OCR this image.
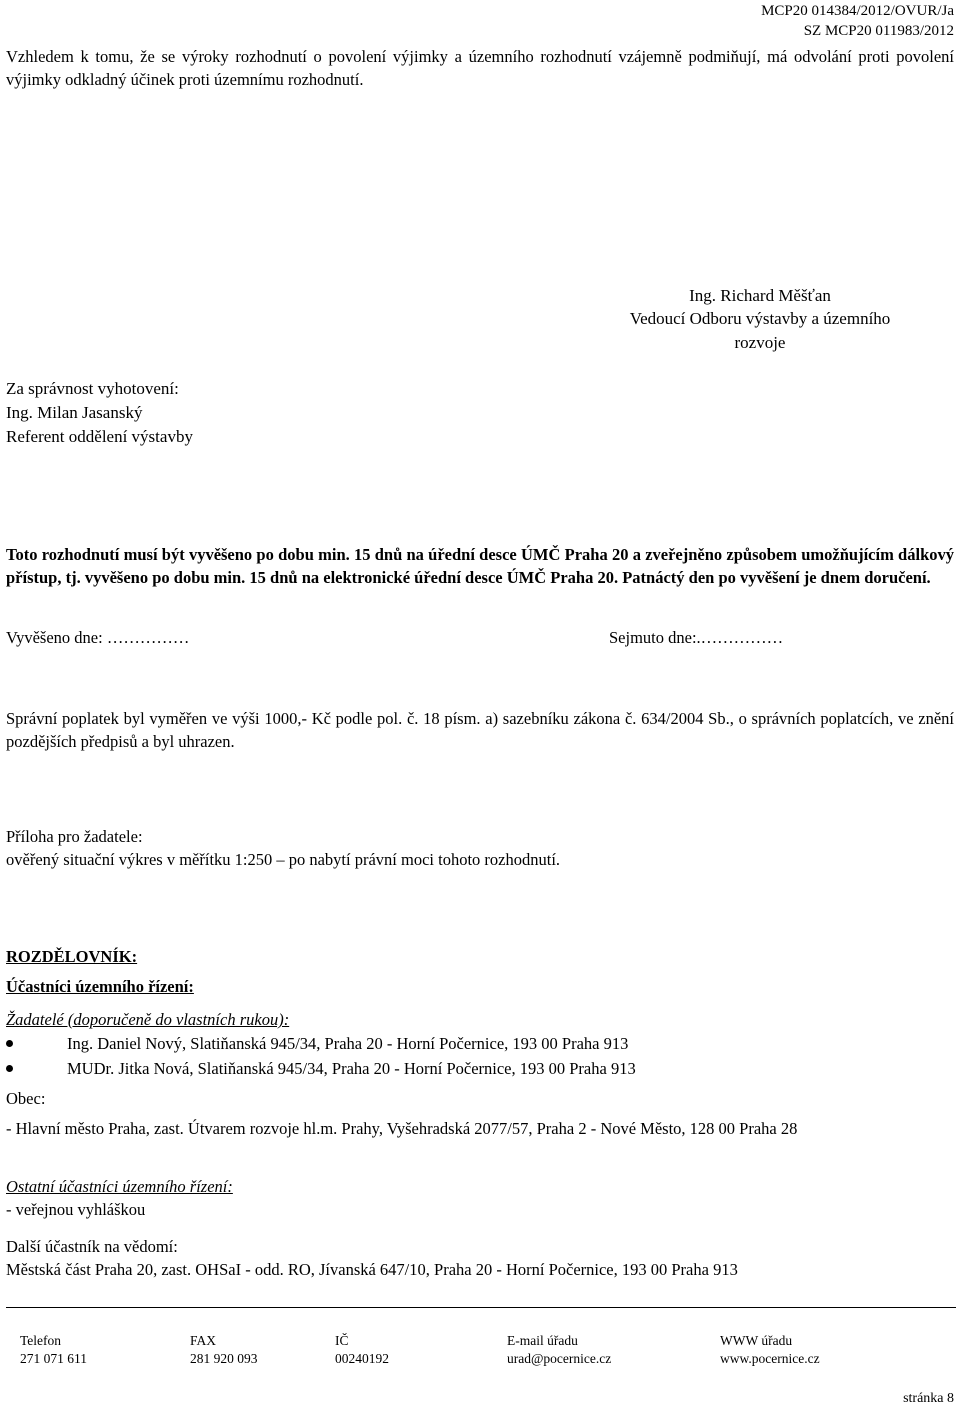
MCP20 014384/2012/OVUR/Ja
SZ MCP20 011983/2012

Vzhledem k tomu, že se výroky rozhodnutí o povolení výjimky a územního rozhodnutí vzájemně podmiňují, má odvolání proti povolení výjimky odkladný účinek proti územnímu rozhodnutí.

Ing. Richard Měšťan
Vedoucí Odboru výstavby a územního
rozvoje
Za správnost vyhotovení:
Ing. Milan Jasanský
Referent oddělení výstavby

Toto rozhodnutí musí být vyvěšeno po dobu min. 15 dnů na úřední desce ÚMČ Praha 20 a zveřejněno způsobem umožňujícím dálkový přístup, tj. vyvěšeno po dobu min. 15 dnů na elektronické úřední desce ÚMČ Praha 20. Patnáctý den po vyvěšení je dnem doručení.

Vyvěšeno dne: ……………	Sejmuto dne:.……………

Správní poplatek byl vyměřen ve výši 1000,- Kč podle pol. č. 18 písm. a) sazebníku zákona č. 634/2004 Sb., o správních poplatcích, ve znění pozdějších předpisů a byl uhrazen.

Příloha pro žadatele:
ověřený situační výkres v měřítku 1:250 – po nabytí právní moci tohoto rozhodnutí.
ROZDĚLOVNÍK:
Účastníci územního řízení:
Žadatelé (doporučeně do vlastních rukou):
Ing. Daniel Nový, Slatiňanská 945/34, Praha 20 - Horní Počernice, 193 00 Praha 913
MUDr. Jitka Nová, Slatiňanská 945/34, Praha 20 - Horní Počernice, 193 00 Praha 913
Obec:

- Hlavní město Praha, zast. Útvarem rozvoje hl.m. Prahy, Vyšehradská 2077/57, Praha 2 - Nové Město, 128 00 Praha 28

Ostatní účastníci územního řízení:
- veřejnou vyhláškou
Další účastník na vědomí:
Městská část Praha 20, zast. OHSaI - odd. RO, Jívanská 647/10, Praha 20 - Horní Počernice, 193 00 Praha 913
Telefon
271 071 611
FAX
281 920 093
IČ
00240192
E-mail úřadu
urad@pocernice.cz
WWW úřadu
www.pocernice.cz
stránka 8
